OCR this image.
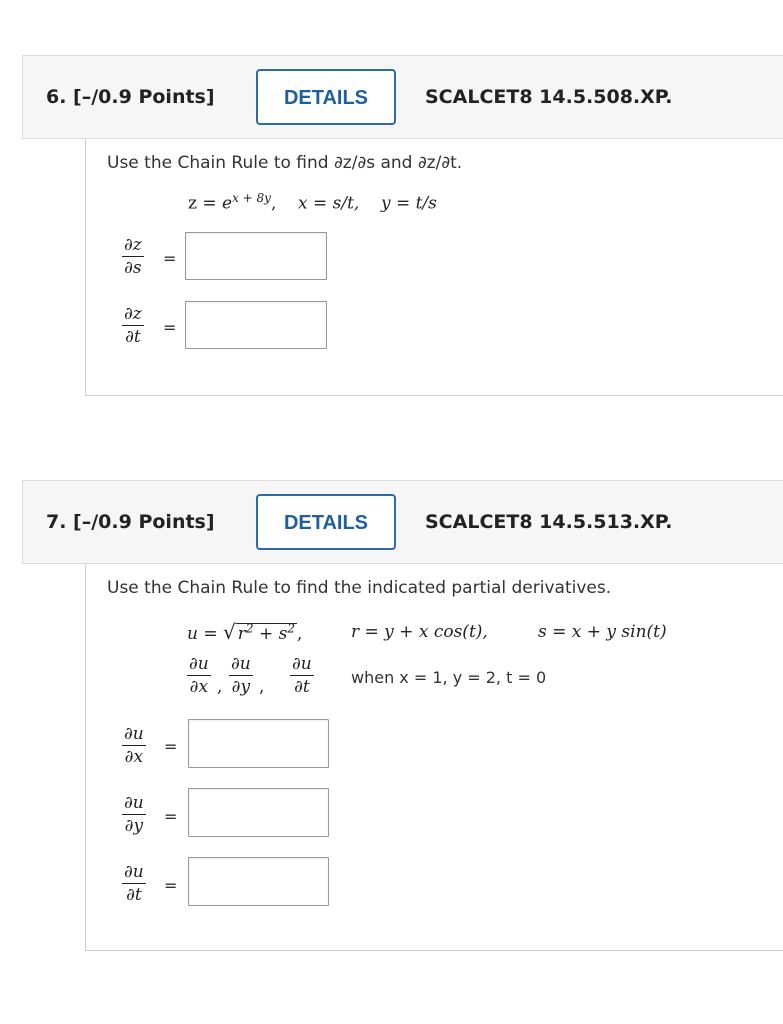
6. [–/0.9 Points]	DETAILS	SCALCET8 14.5.508.XP.
Use the Chain Rule to find ∂z/∂s and ∂z/∂t.
$z = e^{x + 8y}$,    x = s/t, y = t/s
∂z
∂s =
∂z
∂t =
7. [–/0.9 Points]	DETAILS	SCALCET8 14.5.513.XP.
Use the Chain Rule to find the indicated partial derivatives.
u = √ $r^2 + s^2$ ,	r = y + x cos(t),	s = x + y sin(t)
∂u
∂x ,
∂u
∂y ,
∂u
∂t	when x = 1, y = 2, t = 0
∂u
∂x
=
∂u
∂y =
∂u
∂t =
